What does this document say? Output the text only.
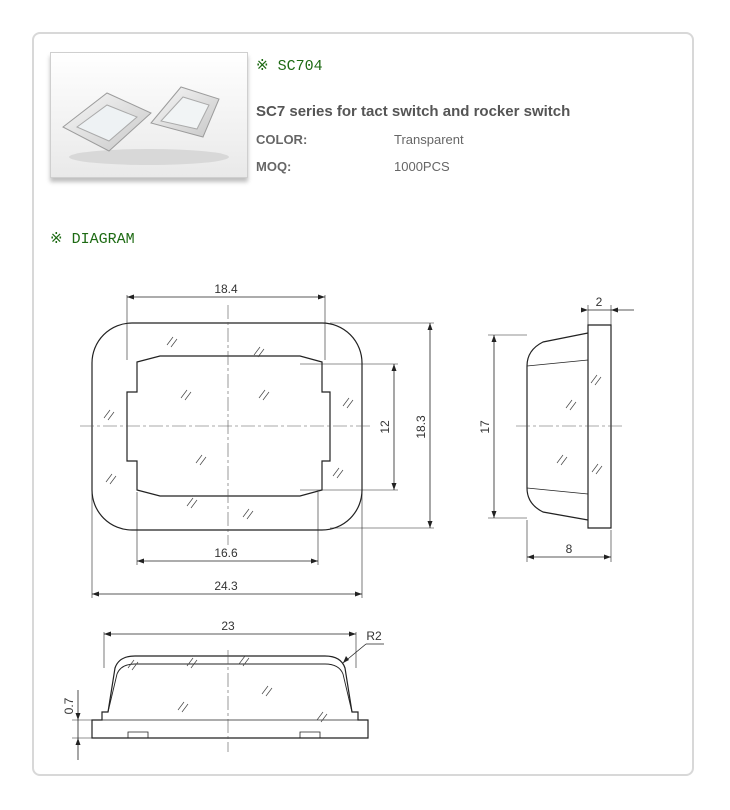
※ SC704
SC7 series for tact switch and rocker switch
COLOR:	Transparent
MOQ:	1000PCS
※ DIAGRAM
18.4
16.6
24.3
12 18.3
2
17
8
23
R2
0.7
